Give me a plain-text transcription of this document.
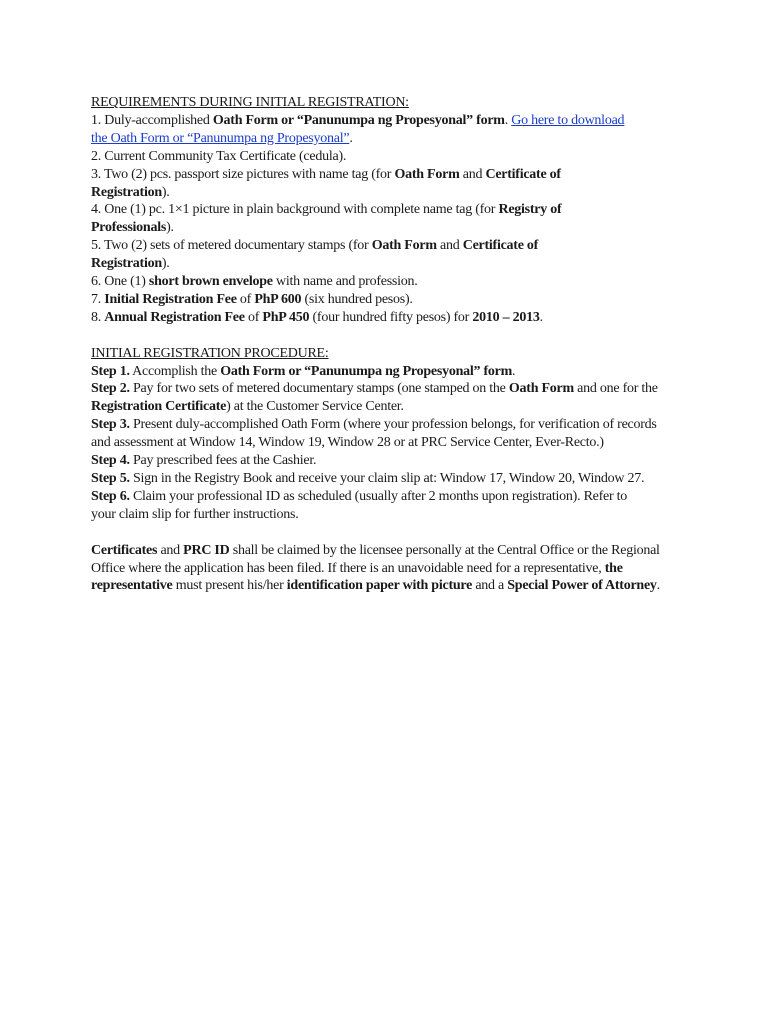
REQUIREMENTS DURING INITIAL REGISTRATION:
1. Duly-accomplished Oath Form or “Panunumpa ng Propesyonal” form. Go here to download the Oath Form or “Panunumpa ng Propesyonal”.
2. Current Community Tax Certificate (cedula).
3. Two (2) pcs. passport size pictures with name tag (for Oath Form and Certificate of Registration).
4. One (1) pc. 1×1 picture in plain background with complete name tag (for Registry of Professionals).
5. Two (2) sets of metered documentary stamps (for Oath Form and Certificate of Registration).
6. One (1) short brown envelope with name and profession.
7. Initial Registration Fee of PhP 600 (six hundred pesos).
8. Annual Registration Fee of PhP 450 (four hundred fifty pesos) for 2010 – 2013.
INITIAL REGISTRATION PROCEDURE:
Step 1. Accomplish the Oath Form or “Panunumpa ng Propesyonal” form.
Step 2. Pay for two sets of metered documentary stamps (one stamped on the Oath Form and one for the Registration Certificate) at the Customer Service Center.
Step 3. Present duly-accomplished Oath Form (where your profession belongs, for verification of records and assessment at Window 14, Window 19, Window 28 or at PRC Service Center, Ever-Recto.)
Step 4. Pay prescribed fees at the Cashier.
Step 5. Sign in the Registry Book and receive your claim slip at: Window 17, Window 20, Window 27.
Step 6. Claim your professional ID as scheduled (usually after 2 months upon registration). Refer to your claim slip for further instructions.
Certificates and PRC ID shall be claimed by the licensee personally at the Central Office or the Regional Office where the application has been filed. If there is an unavoidable need for a representative, the representative must present his/her identification paper with picture and a Special Power of Attorney.
